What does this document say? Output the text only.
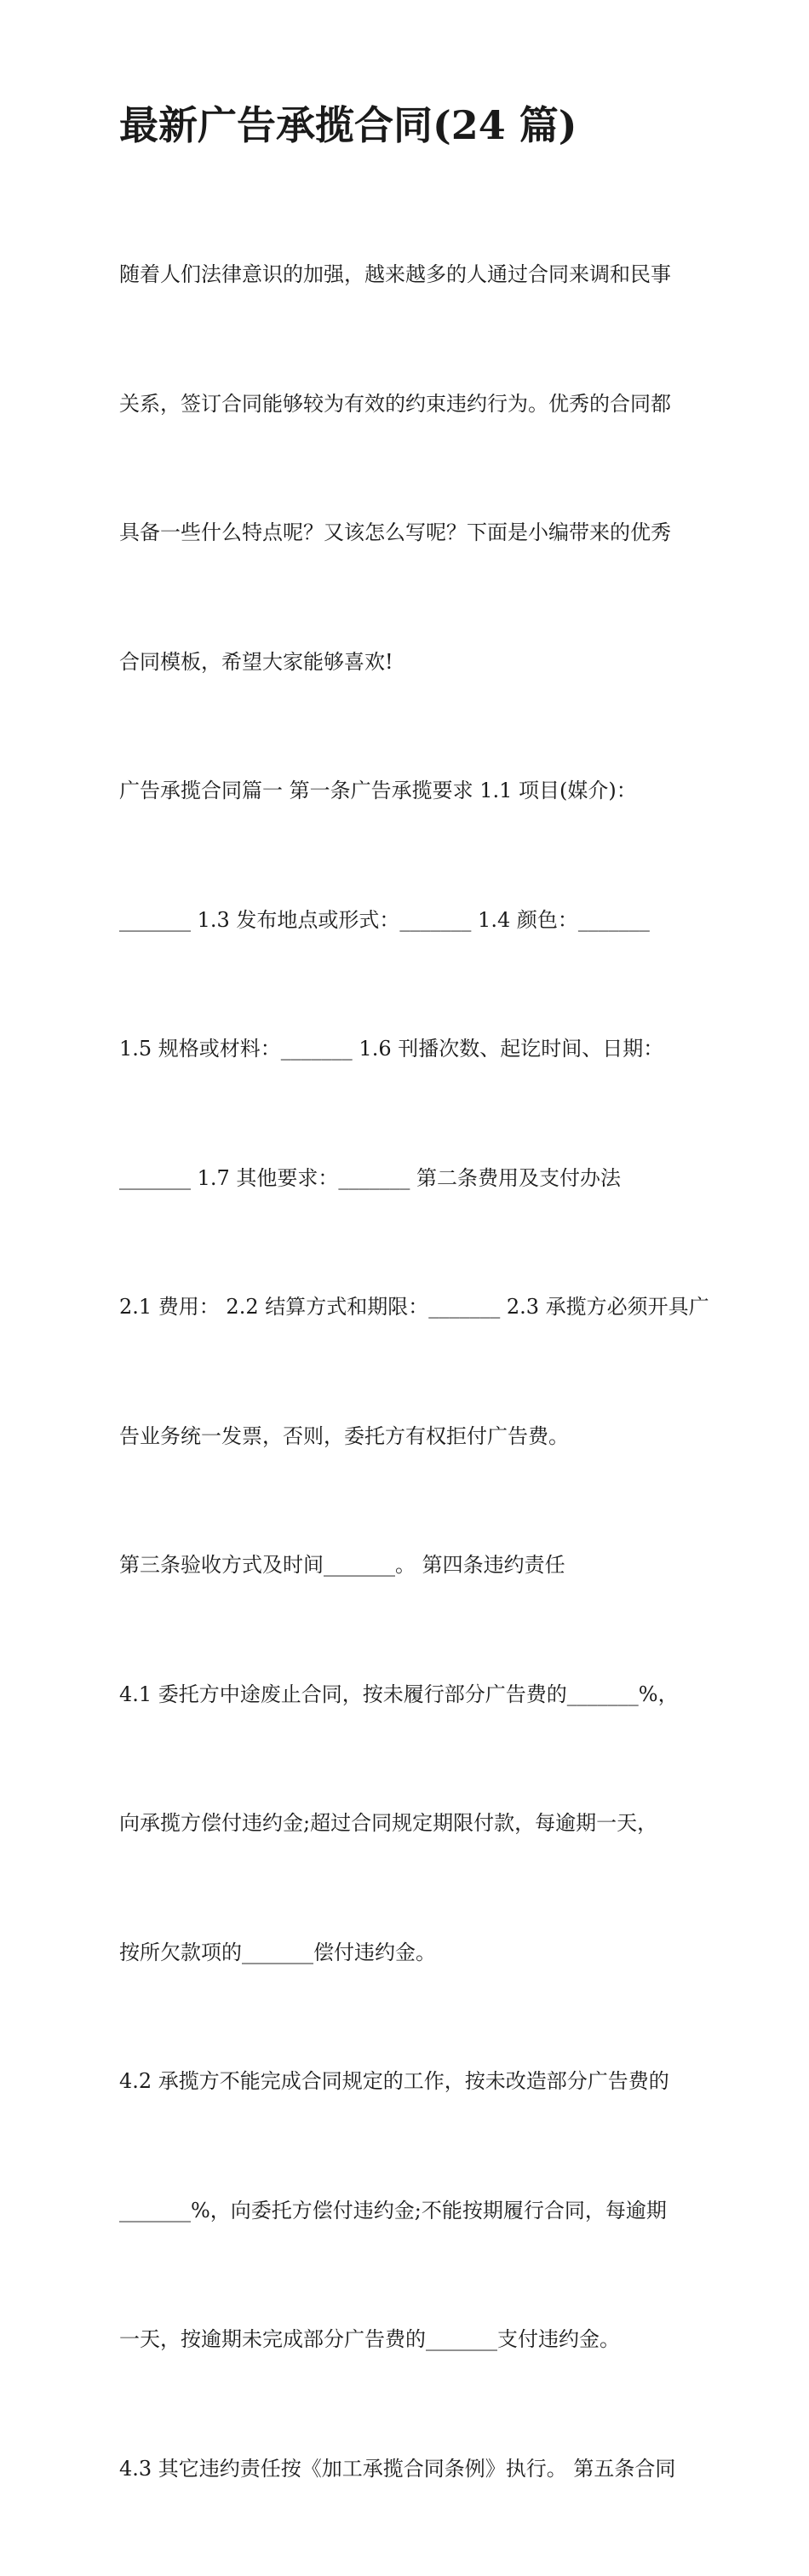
最新广告承揽合同(24 篇)

随着人们法律意识的加强，越来越多的人通过合同来调和民事

关系，签订合同能够较为有效的约束违约行为。优秀的合同都

具备一些什么特点呢？又该怎么写呢？下面是小编带来的优秀

合同模板，希望大家能够喜欢!

广告承揽合同篇一 第一条广告承揽要求 1.1 项目(媒介)：

_______ 1.3 发布地点或形式：_______ 1.4 颜色：_______

1.5 规格或材料：_______ 1.6 刊播次数、起讫时间、日期：

_______ 1.7 其他要求：_______ 第二条费用及支付办法

2.1 费用： 2.2 结算方式和期限：_______ 2.3 承揽方必须开具广

告业务统一发票，否则，委托方有权拒付广告费。

第三条验收方式及时间_______。 第四条违约责任

4.1 委托方中途废止合同，按未履行部分广告费的_______%，

向承揽方偿付违约金;超过合同规定期限付款，每逾期一天，

按所欠款项的_______偿付违约金。

4.2 承揽方不能完成合同规定的工作，按未改造部分广告费的

_______%，向委托方偿付违约金;不能按期履行合同，每逾期

一天，按逾期未完成部分广告费的_______支付违约金。

4.3 其它违约责任按《加工承揽合同条例》执行。 第五条合同
